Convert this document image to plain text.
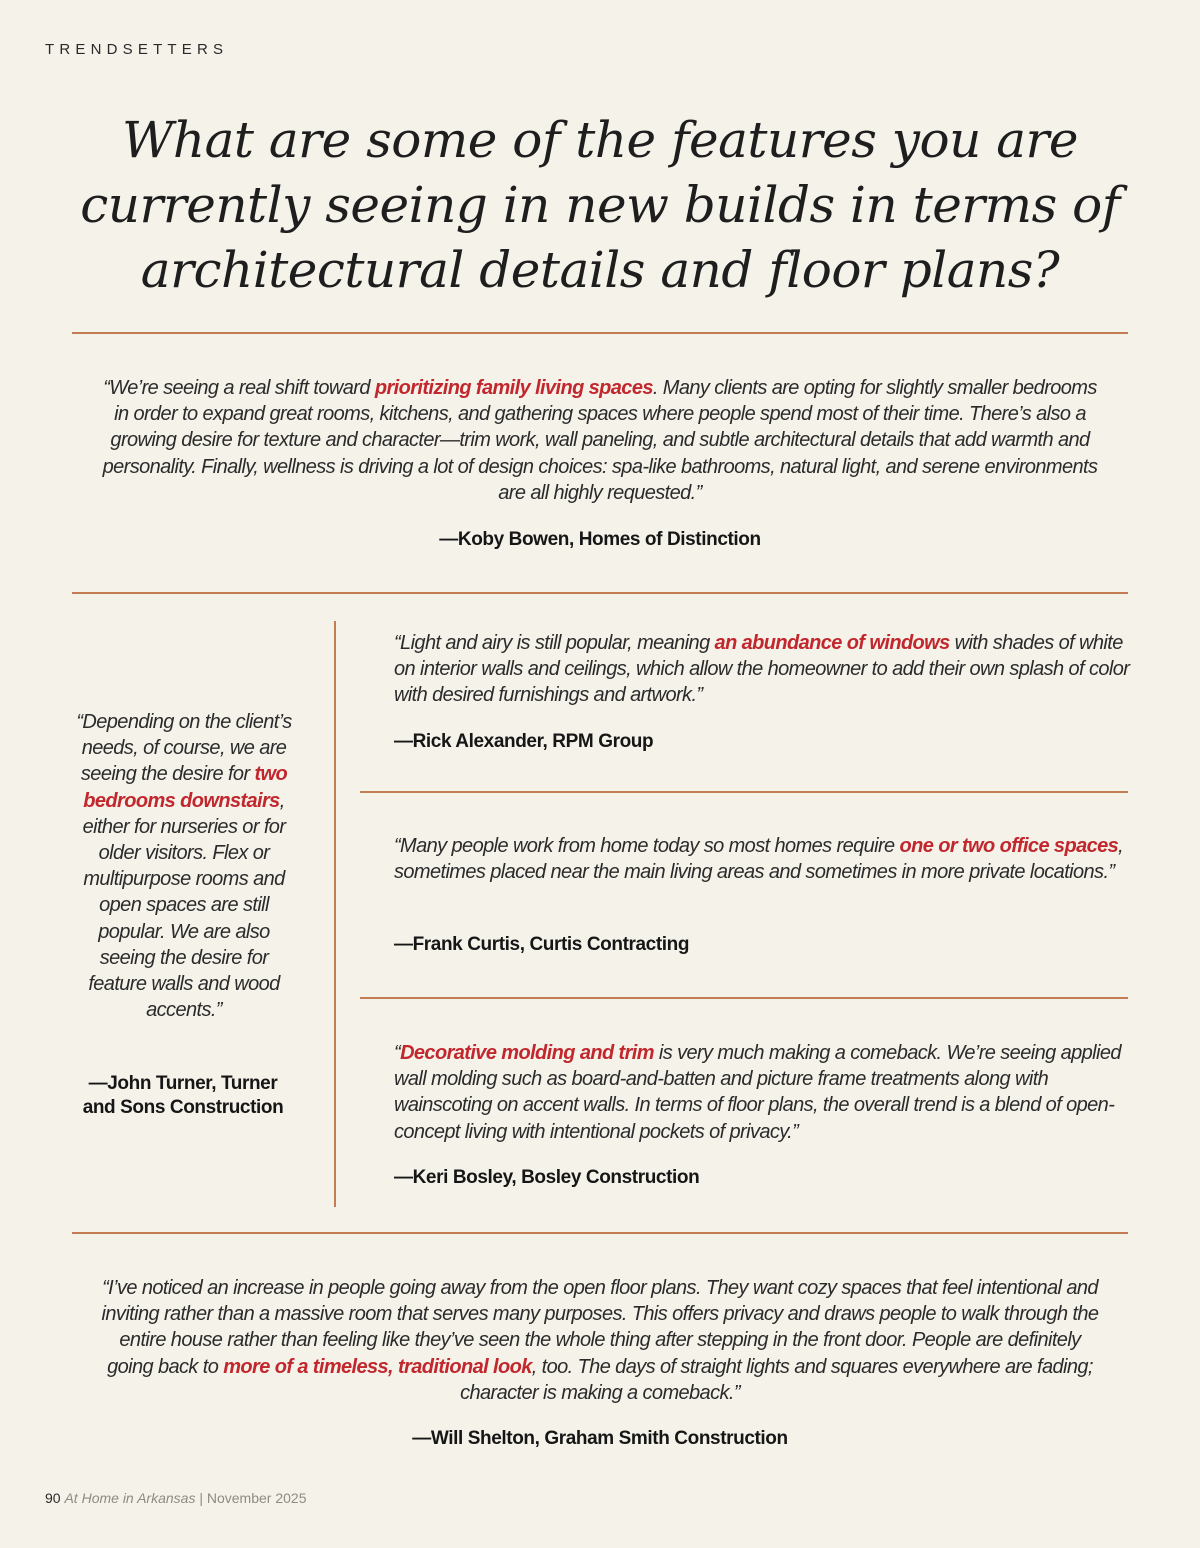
TRENDSETTERS
What are some of the features you are currently seeing in new builds in terms of architectural details and floor plans?

“We’re seeing a real shift toward prioritizing family living spaces. Many clients are opting for slightly smaller bedrooms in order to expand great rooms, kitchens, and gathering spaces where people spend most of their time. There’s also a growing desire for texture and character—trim work, wall paneling, and subtle architectural details that add warmth and personality. Finally, wellness is driving a lot of design choices: spa-like bathrooms, natural light, and serene environments are all highly requested.”

—Koby Bowen, Homes of Distinction

“Depending on the client’s needs, of course, we are seeing the desire for two bedrooms downstairs, either for nurseries or for older visitors. Flex or multipurpose rooms and open spaces are still popular. We are also seeing the desire for feature walls and wood accents.”

—John Turner, Turner and Sons Construction

“Light and airy is still popular, meaning an abundance of windows with shades of white on interior walls and ceilings, which allow the homeowner to add their own splash of color with desired furnishings and artwork.”

—Rick Alexander, RPM Group

“Many people work from home today so most homes require one or two office spaces, sometimes placed near the main living areas and sometimes in more private locations.”

—Frank Curtis, Curtis Contracting

“Decorative molding and trim is very much making a comeback. We’re seeing applied wall molding such as board-and-batten and picture frame treatments along with wainscoting on accent walls. In terms of floor plans, the overall trend is a blend of open-concept living with intentional pockets of privacy.”

—Keri Bosley, Bosley Construction

“I’ve noticed an increase in people going away from the open floor plans. They want cozy spaces that feel intentional and inviting rather than a massive room that serves many purposes. This offers privacy and draws people to walk through the entire house rather than feeling like they’ve seen the whole thing after stepping in the front door. People are definitely going back to more of a timeless, traditional look, too. The days of straight lights and squares everywhere are fading; character is making a comeback.”

—Will Shelton, Graham Smith Construction

90 At Home in Arkansas | November 2025
